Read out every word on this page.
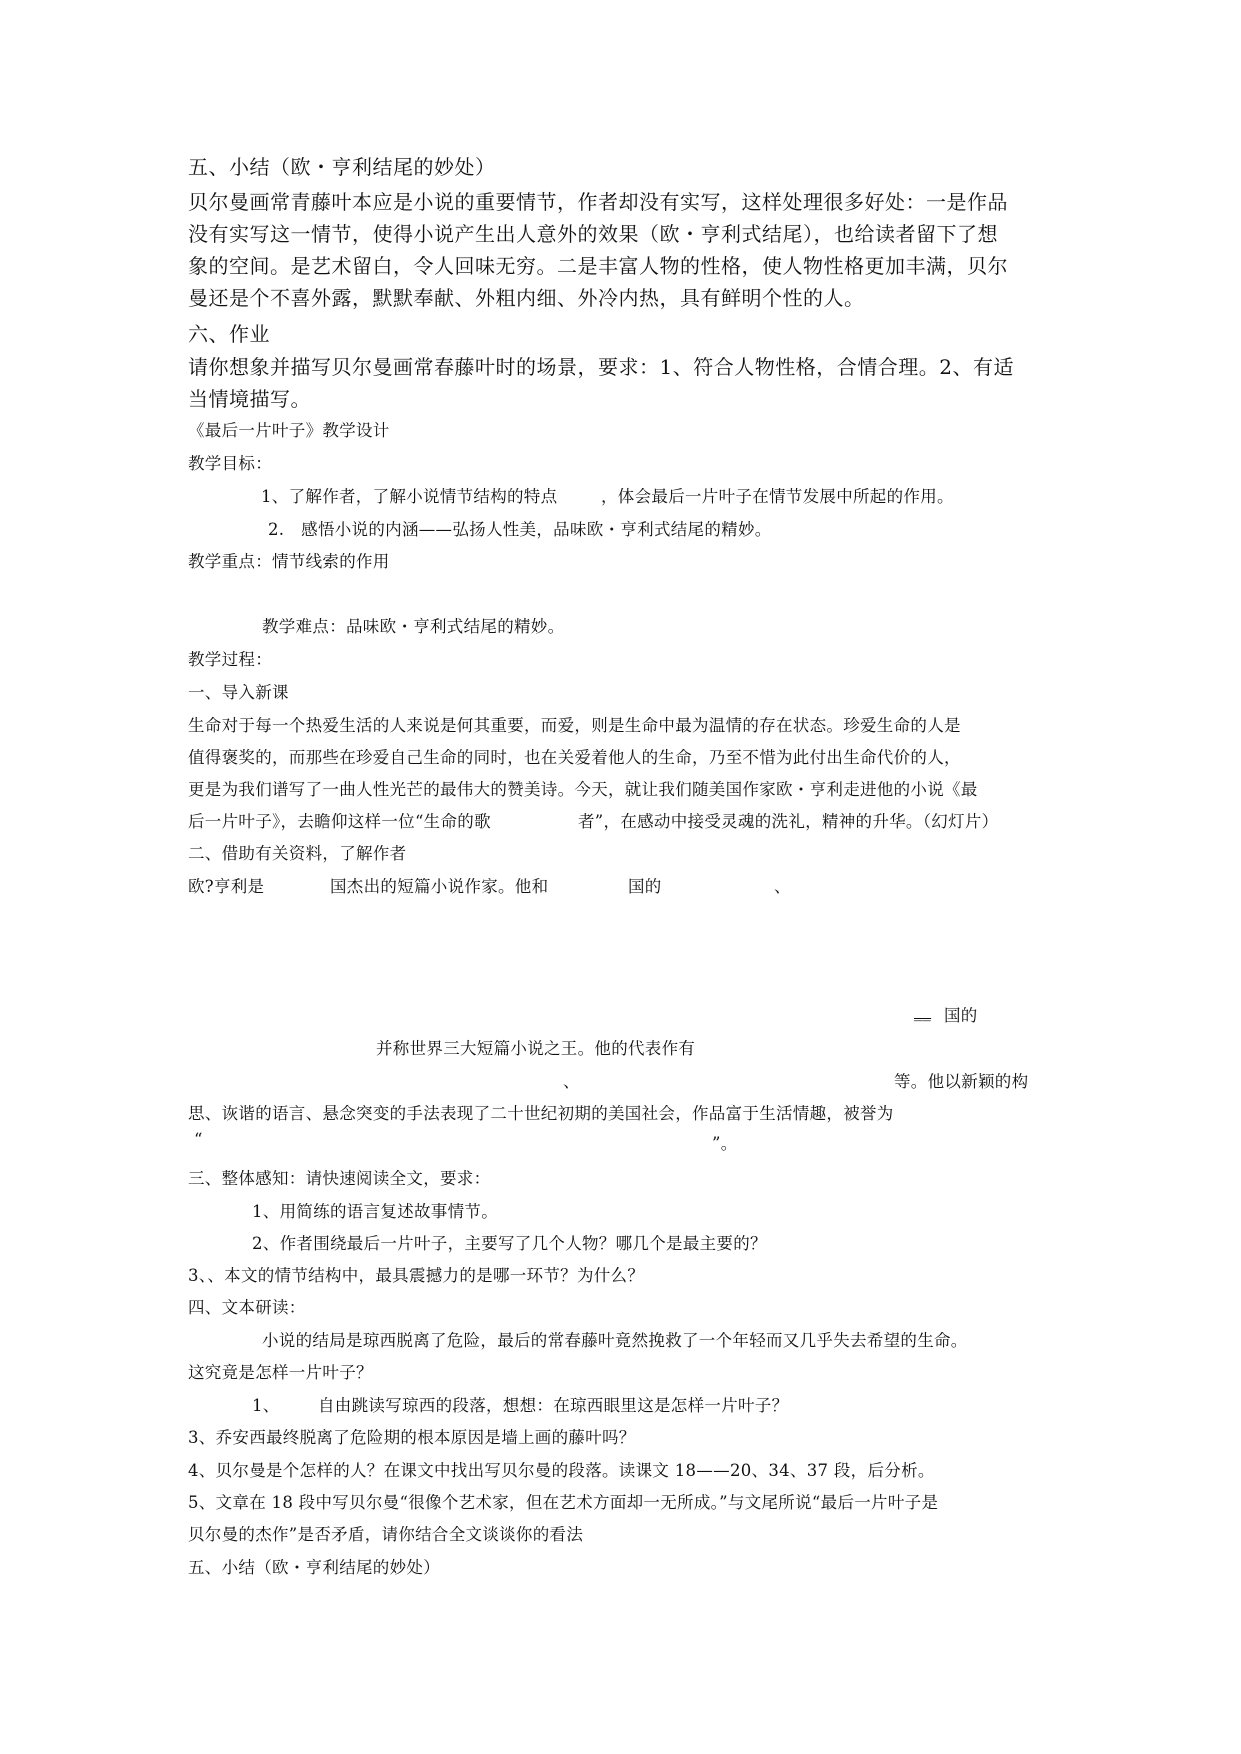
五、小结（欧・亨利结尾的妙处）

贝尔曼画常青藤叶本应是小说的重要情节，作者却没有实写，这样处理很多好处：一是作品

没有实写这一情节，使得小说产生出人意外的效果（欧・亨利式结尾），也给读者留下了想

象的空间。是艺术留白，令人回味无穷。二是丰富人物的性格，使人物性格更加丰满，贝尔

曼还是个不喜外露，默默奉献、外粗内细、外冷内热，具有鲜明个性的人。

六、作业

请你想象并描写贝尔曼画常春藤叶时的场景，要求：1、符合人物性格，合情合理。2、有适

当情境描写。

《最后一片叶子》教学设计

教学目标：

1、了解作者，了解小说情节结构的特点	，体会最后一片叶子在情节发展中所起的作用。

2.　感悟小说的内涵——弘扬人性美，品味欧・亨利式结尾的精妙。

教学重点：情节线索的作用

教学难点：品味欧・亨利式结尾的精妙。

教学过程：

一、导入新课

生命对于每一个热爱生活的人来说是何其重要，而爱，则是生命中最为温情的存在状态。珍爱生命的人是

值得褒奖的，而那些在珍爱自己生命的同时，也在关爱着他人的生命，乃至不惜为此付出生命代价的人，

更是为我们谱写了一曲人性光芒的最伟大的赞美诗。今天，就让我们随美国作家欧・亨利走进他的小说《最

后一片叶子》，去瞻仰这样一位“生命的歌	者”，在感动中接受灵魂的洗礼，精神的升华。（幻灯片）

二、借助有关资料，了解作者

欧?亨利是	国杰出的短篇小说作家。他和	国的	、

__ 国的

并称世界三大短篇小说之王。他的代表作有

、	等。他以新颖的构

思、诙谐的语言、悬念突变的手法表现了二十世纪初期的美国社会，作品富于生活情趣，被誉为

“	”。

三、整体感知：请快速阅读全文，要求：

1、用简练的语言复述故事情节。

2、作者围绕最后一片叶子，主要写了几个人物？哪几个是最主要的？

3、、本文的情节结构中，最具震撼力的是哪一环节？为什么？

四、文本研读：

小说的结局是琼西脱离了危险，最后的常春藤叶竟然挽救了一个年轻而又几乎失去希望的生命。

这究竟是怎样一片叶子？

1、 自由跳读写琼西的段落，想想：在琼西眼里这是怎样一片叶子？

3、乔安西最终脱离了危险期的根本原因是墙上画的藤叶吗？

4、贝尔曼是个怎样的人？在课文中找出写贝尔曼的段落。读课文 18——20、34、37 段，后分析。

5、文章在 18 段中写贝尔曼“很像个艺术家，但在艺术方面却一无所成。”与文尾所说“最后一片叶子是

贝尔曼的杰作”是否矛盾，请你结合全文谈谈你的看法

五、小结（欧・亨利结尾的妙处）
